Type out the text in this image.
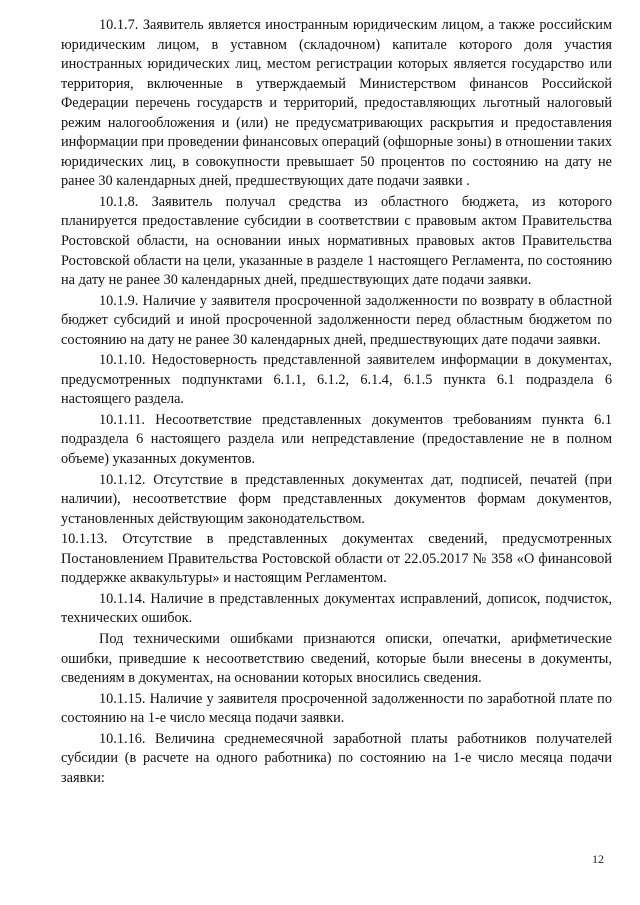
10.1.7. Заявитель является иностранным юридическим лицом, а также российским юридическим лицом, в уставном (складочном) капитале которого доля участия иностранных юридических лиц, местом регистрации которых является государство или территория, включенные в утверждаемый Министерством финансов Российской Федерации перечень государств и территорий, предоставляющих льготный налоговый режим налогообложения и (или) не предусматривающих раскрытия и предоставления информации при проведении финансовых операций (офшорные зоны) в отношении таких юридических лиц, в совокупности превышает 50 процентов по состоянию на дату не ранее 30 календарных дней, предшествующих дате подачи заявки .

10.1.8. Заявитель получал средства из областного бюджета, из которого планируется предоставление субсидии в соответствии с правовым актом Правительства Ростовской области, на основании иных нормативных правовых актов Правительства Ростовской области на цели, указанные в разделе 1 настоящего Регламента, по состоянию на дату не ранее 30 календарных дней, предшествующих дате подачи заявки.

10.1.9. Наличие у заявителя просроченной задолженности по возврату в областной бюджет субсидий и иной просроченной задолженности перед областным бюджетом по состоянию на дату не ранее 30 календарных дней, предшествующих дате подачи заявки.

10.1.10. Недостоверность представленной заявителем информации в документах, предусмотренных подпунктами 6.1.1, 6.1.2, 6.1.4, 6.1.5 пункта 6.1 подраздела 6 настоящего раздела.

10.1.11. Несоответствие представленных документов требованиям пункта 6.1 подраздела 6 настоящего раздела или непредставление (предоставление не в полном объеме) указанных документов.

10.1.12. Отсутствие в представленных документах дат, подписей, печатей (при наличии), несоответствие форм представленных документов формам документов, установленных действующим законодательством.

10.1.13. Отсутствие в представленных документах сведений, предусмотренных Постановлением Правительства Ростовской области от 22.05.2017 № 358 «О финансовой поддержке аквакультуры» и настоящим Регламентом.

10.1.14. Наличие в представленных документах исправлений, дописок, подчисток, технических ошибок.

Под техническими ошибками признаются описки, опечатки, арифметические ошибки, приведшие к несоответствию сведений, которые были внесены в документы, сведениям в документах, на основании которых вносились сведения.

10.1.15. Наличие у заявителя просроченной задолженности по заработной плате по состоянию на 1-е число месяца подачи заявки.

10.1.16. Величина среднемесячной заработной платы работников получателей субсидии (в расчете на одного работника) по состоянию на 1-е число месяца подачи заявки:

12
